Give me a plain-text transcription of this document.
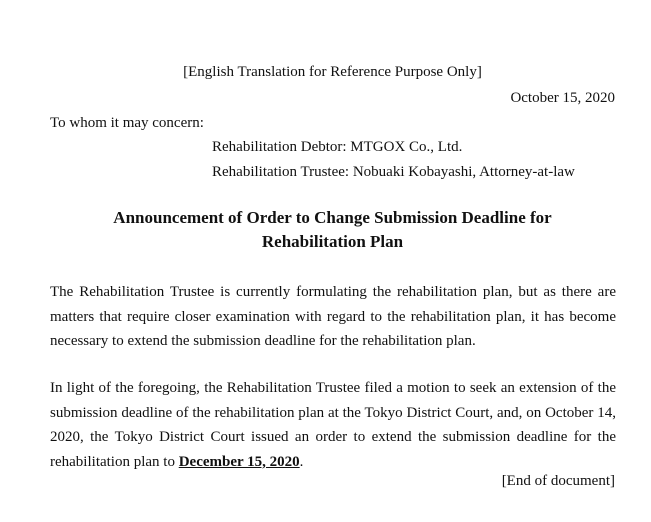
[English Translation for Reference Purpose Only]
October 15, 2020
To whom it may concern:
Rehabilitation Debtor: MTGOX Co., Ltd.
Rehabilitation Trustee: Nobuaki Kobayashi, Attorney-at-law
Announcement of Order to Change Submission Deadline for
Rehabilitation Plan
The Rehabilitation Trustee is currently formulating the rehabilitation plan, but as there are matters that require closer examination with regard to the rehabilitation plan, it has become necessary to extend the submission deadline for the rehabilitation plan.
In light of the foregoing, the Rehabilitation Trustee filed a motion to seek an extension of the submission deadline of the rehabilitation plan at the Tokyo District Court, and, on October 14, 2020, the Tokyo District Court issued an order to extend the submission deadline for the rehabilitation plan to December 15, 2020.
[End of document]
